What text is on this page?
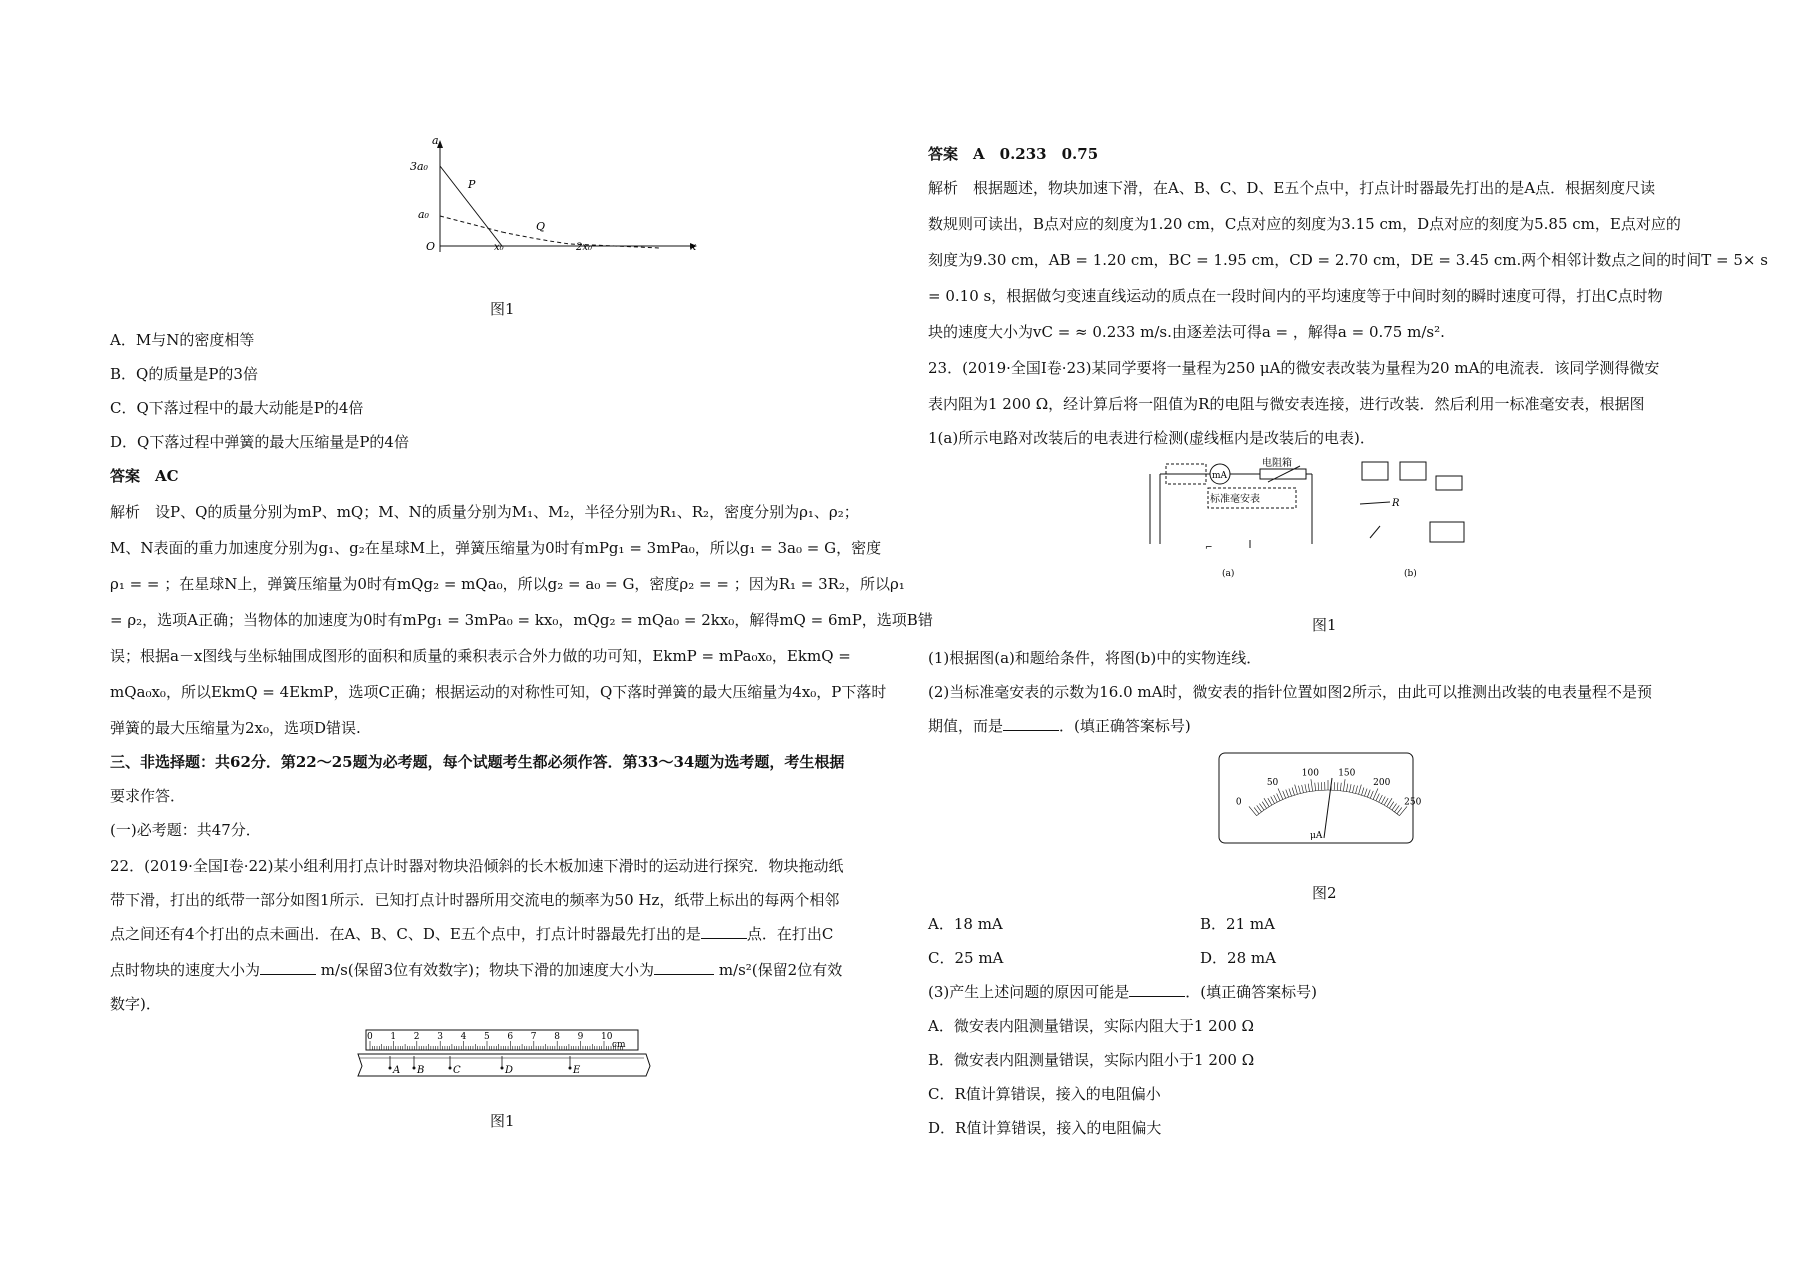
a
3a₀
a₀
O	x₀	2x₀	x
P
Q
图1
A．M与N的密度相等
B．Q的质量是P的3倍
C．Q下落过程中的最大动能是P的4倍
D．Q下落过程中弹簧的最大压缩量是P的4倍
答案　AC
解析　设P、Q的质量分别为mP、mQ；M、N的质量分别为M₁、M₂，半径分别为R₁、R₂，密度分别为ρ₁、ρ₂；
M、N表面的重力加速度分别为g₁、g₂在星球M上，弹簧压缩量为0时有mPg₁ = 3mPa₀，所以g₁ = 3a₀ = G，密度
ρ₁ = = ；在星球N上，弹簧压缩量为0时有mQg₂ = mQa₀，所以g₂ = a₀ = G，密度ρ₂ = = ；因为R₁ = 3R₂，所以ρ₁
= ρ₂，选项A正确；当物体的加速度为0时有mPg₁ = 3mPa₀ = kx₀，mQg₂ = mQa₀ = 2kx₀，解得mQ = 6mP，选项B错
误；根据a－x图线与坐标轴围成图形的面积和质量的乘积表示合外力做的功可知，EkmP = mPa₀x₀，EkmQ =
mQa₀x₀，所以EkmQ = 4EkmP，选项C正确；根据运动的对称性可知，Q下落时弹簧的最大压缩量为4x₀，P下落时
弹簧的最大压缩量为2x₀，选项D错误.
三、非选择题：共62分．第22～25题为必考题，每个试题考生都必须作答．第33～34题为选考题，考生根据
要求作答．
(一)必考题：共47分．
22．(2019·全国Ⅰ卷·22)某小组利用打点计时器对物块沿倾斜的长木板加速下滑时的运动进行探究．物块拖动纸
带下滑，打出的纸带一部分如图1所示．已知打点计时器所用交流电的频率为50 Hz，纸带上标出的每两个相邻
点之间还有4个打出的点未画出．在A、B、C、D、E五个点中，打点计时器最先打出的是	点．在打出C
点时物块的速度大小为	m/s(保留3位有效数字)；物块下滑的加速度大小为	m/s²(保留2位有效
数字)．
0 1 2 3 4 5 6 7 8 9 10
cm
A B	C	D	E
图1
答案　A　0.233　0.75
解析　根据题述，物块加速下滑，在A、B、C、D、E五个点中，打点计时器最先打出的是A点．根据刻度尺读
数规则可读出，B点对应的刻度为1.20 cm，C点对应的刻度为3.15 cm，D点对应的刻度为5.85 cm，E点对应的
刻度为9.30 cm，AB = 1.20 cm，BC = 1.95 cm，CD = 2.70 cm，DE = 3.45 cm.两个相邻计数点之间的时间T = 5× s
= 0.10 s，根据做匀变速直线运动的质点在一段时间内的平均速度等于中间时刻的瞬时速度可得，打出C点时物
块的速度大小为vC = ≈ 0.233 m/s.由逐差法可得a = ，解得a = 0.75 m/s².
23．(2019·全国Ⅰ卷·23)某同学要将一量程为250 μA的微安表改装为量程为20 mA的电流表．该同学测得微安
表内阻为1 200 Ω，经计算后将一阻值为R的电阻与微安表连接，进行改装．然后利用一标准毫安表，根据图
1(a)所示电路对改装后的电表进行检测(虚线框内是改装后的电表)．
mA
电阻箱
标准毫安表
⌐
(a)
R
(b)
图1
(1)根据图(a)和题给条件，将图(b)中的实物连线．
(2)当标准毫安表的示数为16.0 mA时，微安表的指针位置如图2所示，由此可以推测出改装的电表量程不是预
期值，而是	．(填正确答案标号)
0
50
100 150
200
250
μA
图2
A．18 mA	B．21 mA
C．25 mA	D．28 mA
(3)产生上述问题的原因可能是	．(填正确答案标号)
A．微安表内阻测量错误，实际内阻大于1 200 Ω
B．微安表内阻测量错误，实际内阻小于1 200 Ω
C．R值计算错误，接入的电阻偏小
D．R值计算错误，接入的电阻偏大
